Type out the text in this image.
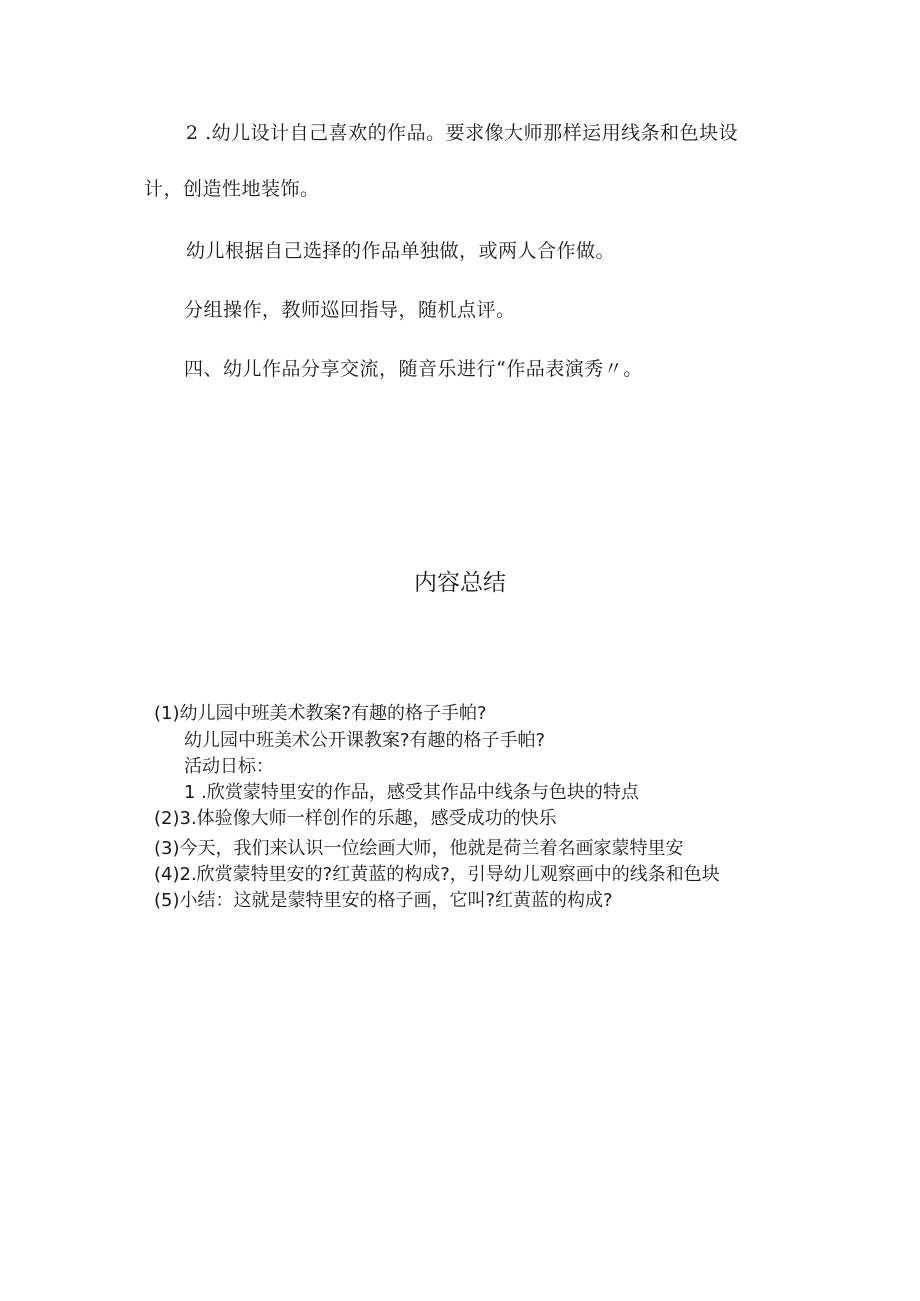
2 .幼儿设计自己喜欢的作品。要求像大师那样运用线条和色块设
计，创造性地装饰。
幼儿根据自己选择的作品单独做，或两人合作做。
分组操作，教师巡回指导，随机点评。
四、幼儿作品分享交流，随音乐进行“作品表演秀〃。
内容总结
(1)幼儿园中班美术教案?有趣的格子手帕?
幼儿园中班美术公开课教案?有趣的格子手帕?
活动日标：
1 .欣赏蒙特里安的作品，感受其作品中线条与色块的特点
(2)3.体验像大师一样创作的乐趣，感受成功的快乐
(3)今天，我们来认识一位绘画大师，他就是荷兰着名画家蒙特里安
(4)2.欣赏蒙特里安的?红黄蓝的构成?，引导幼儿观察画中的线条和色块
(5)小结：这就是蒙特里安的格子画，它叫?红黄蓝的构成?
